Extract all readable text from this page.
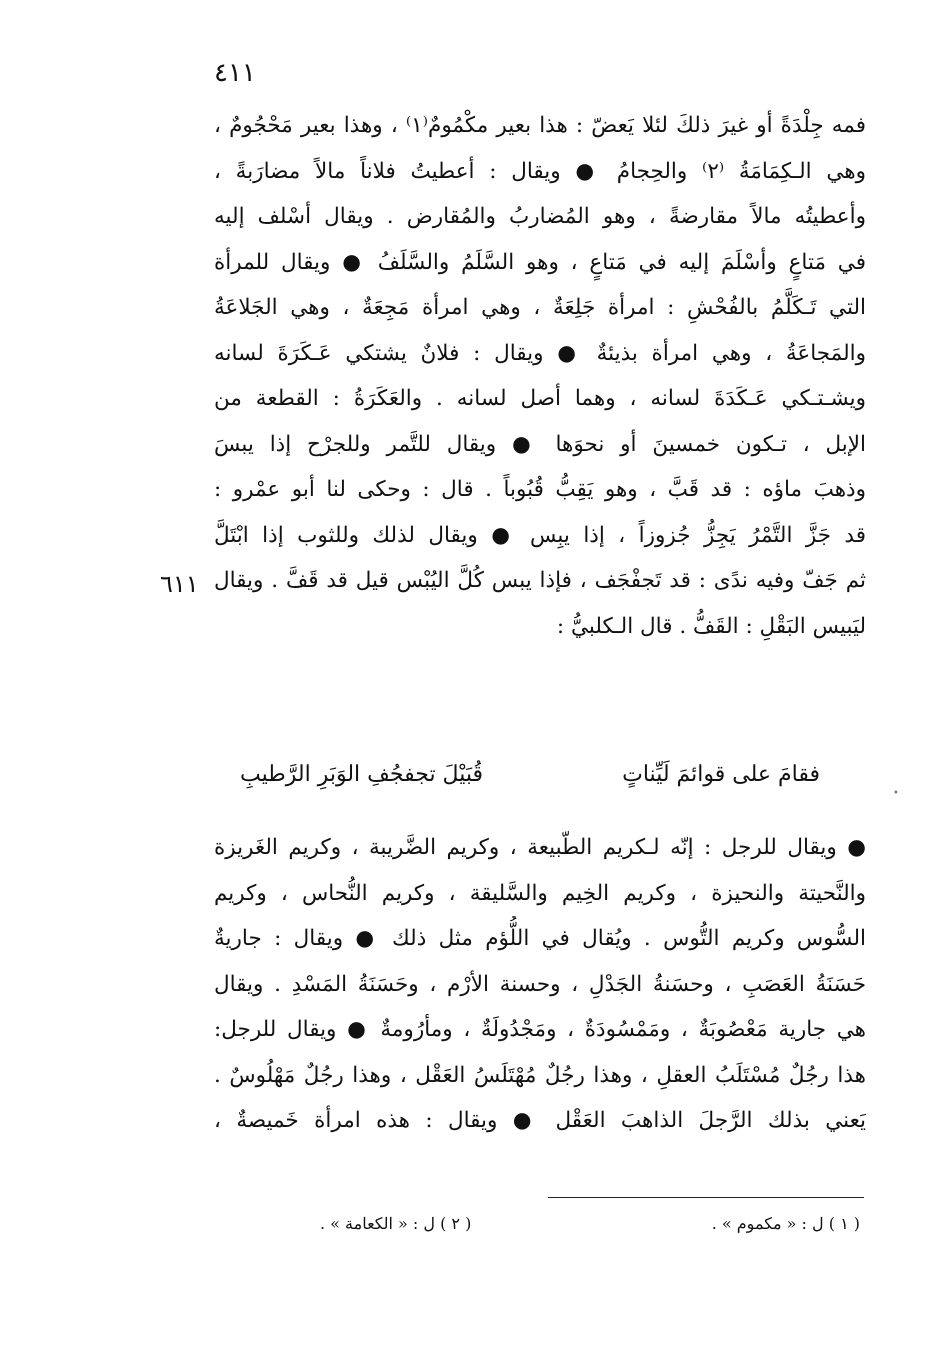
٤١١
٦١١
فمه جِلْدَةً أو غيرَ ذلكَ لئلا يَعضّ : هذا بعير مكْمُومٌ⁽١⁾ ، وهذا بعير مَحْجُومٌ ،
وهي الـكِمَامَةُ ⁽٢⁾ والحِجامُ ● ويقال : أعطيتُ فلاناً مالاً مضارَبةً ،
وأعطيتُه مالاً مقارضةً ، وهو المُضاربُ والمُقارض . ويقال أسْلف إليه
في مَتاعٍ وأسْلَمَ إليه في مَتاعٍ ، وهو السَّلَمُ والسَّلَفُ ● ويقال للمرأة
التي تَـكَلَّمُ بالفُحْشِ : امرأة جَلِعَةٌ ، وهي امرأة مَجِعَةٌ ، وهي الجَلاعَةُ
والمَجاعَةُ ، وهي امرأة بذيئةٌ ● ويقال : فلانٌ يشتكي عَـكَرَةَ لسانه
ويشـتـكي عَـكَدَةَ لسانه ، وهما أصل لسانه . والعَكَرَةُ : القطعة من
الإبل ، تـكون خمسينَ أو نحوَها ● ويقال للتَّمر وللجرْح إذا يبسَ
وذهبَ ماؤه : قد قَبَّ ، وهو يَقِبُّ قُبُوباً . قال : وحكى لنا أبو عمْرو :
قد جَزَّ التَّمْرُ يَجِزُّ جُزوزاً ، إذا يبِس ● ويقال لذلك وللثوب إذا ابْتَلَّ
ثم جَفّ وفيه ندًى : قد تَجفْجَف ، فإذا يبس كُلَّ اليُبْس قيل قد قَفَّ . ويقال
ليَبيس البَقْلِ : القَفُّ . قال الـكلبيُّ :
فقامَ على قوائمَ لَيِّناتٍ
قُبَيْلَ تجفجُفِ الوَبَرِ الرَّطيبِ
● ويقال للرجل : إنّه لـكريم الطّبيعة ، وكريم الضَّريبة ، وكريم الغَريزة
والنَّحيتة والنحيزة ، وكريم الخِيم والسَّليقة ، وكريم النُّحاس ، وكريم
السُّوس وكريم التُّوس . ويُقال في اللُّؤم مثل ذلك ● ويقال : جاريةٌ
حَسَنَةُ العَصَبِ ، وحسَنةُ الجَدْلِ ، وحسنة الأرْم ، وحَسَنَةُ المَسْدِ . ويقال
هي جارية مَعْصُوبَةٌ ، ومَمْسُودَةٌ ، ومَجْدُولَةٌ ، ومأرُومةٌ ● ويقال للرجل:
هذا رجُلٌ مُسْتَلَبُ العقلِ ، وهذا رجُلٌ مُهْتَلَسُ العَقْل ، وهذا رجُلٌ مَهْلُوسٌ .
يَعني بذلك الرَّجلَ الذاهبَ العَقْل ● ويقال : هذه امرأة خَميصةٌ ،
( ١ ) ل : « مكموم » .
( ٢ ) ل : « الكعامة » .
•
